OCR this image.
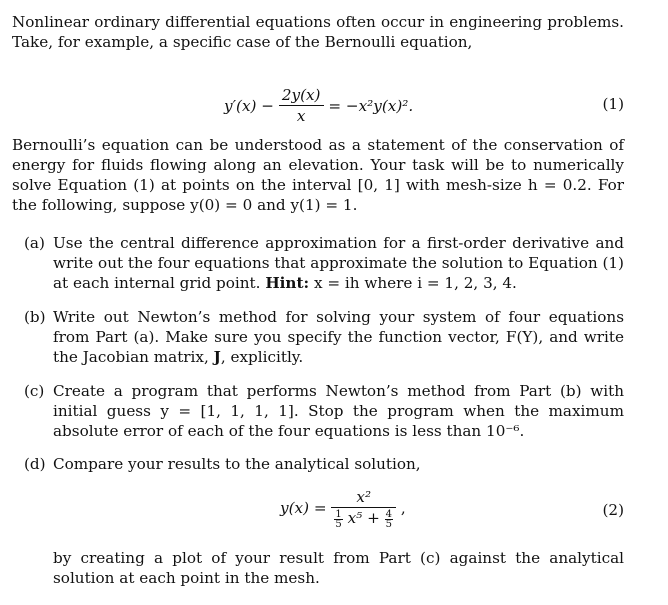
Nonlinear ordinary differential equations often occur in engineering problems. Take, for example, a specific case of the Bernoulli equation,

$y'(x) - \frac{2y(x)}{x} = -x^2y(x)^2$.	(1)

Bernoulli’s equation can be understood as a statement of the conservation of energy for fluids flowing along an elevation. Your task will be to numerically solve Equation (1) at points on the interval [0, 1] with mesh-size h = 0.2. For the following, suppose y(0) = 0 and y(1) = 1.

(a) Use the central difference approximation for a first-order derivative and write out the four equations that approximate the solution to Equation (1) at each internal grid point. Hint: x = ih where i = 1, 2, 3, 4.
(b) Write out Newton’s method for solving your system of four equations from Part (a). Make sure you specify the function vector, F(Y), and write the Jacobian matrix, J, explicitly.
(c) Create a program that performs Newton’s method from Part (b) with initial guess y = [1, 1, 1, 1]. Stop the program when the maximum absolute error of each of the four equations is less than 10⁻⁶.
(d) Compare your results to the analytical solution,
$y(x) = \frac{\text{x²}}{\frac{1}{5} x^5 + \frac{4}{5}}$ ,	(2)
by creating a plot of your result from Part (c) against the analytical solution at each point in the mesh.
